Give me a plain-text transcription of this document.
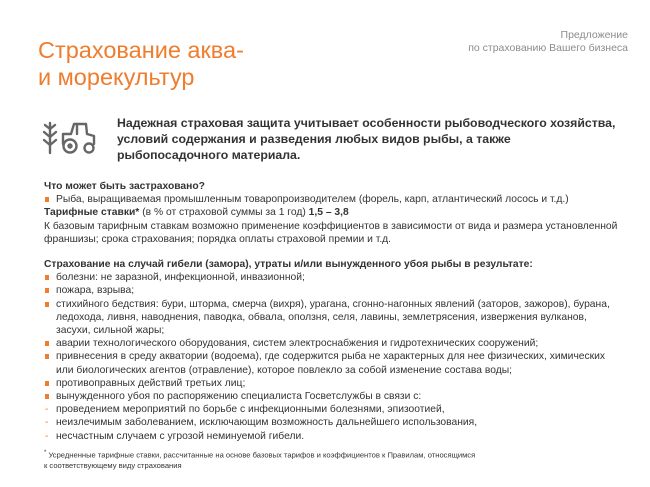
Страхование аква-
и морекультур
Предложение
по страхованию Вашего бизнеса
Надежная страховая защита учитывает особенности рыбоводческого хозяйства, условий содержания и разведения любых видов рыбы, а также рыбопосадочного материала.
Что может быть застраховано?
Рыба, выращиваемая промышленным товаропроизводителем (форель, карп, атлантический лосось и т.д.)
Тарифные ставки* (в % от страховой суммы за 1 год) 1,5 – 3,8
К базовым тарифным ставкам возможно применение коэффициентов в зависимости от вида и размера установленной франшизы; срока страхования; порядка оплаты страховой премии и т.д.
Страхование на случай гибели (замора), утраты и/или вынужденного убоя рыбы в результате:
болезни: не заразной, инфекционной, инвазионной;
пожара, взрыва;
стихийного бедствия: бури, шторма, смерча (вихря), урагана, сгонно-нагонных явлений (заторов, зажоров), бурана, ледохода, ливня, наводнения, паводка, обвала, оползня, селя, лавины, землетрясения, извержения вулканов, засухи, сильной жары;
аварии технологического оборудования, систем электроснабжения и гидротехнических сооружений;
привнесения в среду акватории (водоема), где содержится рыба не характерных для нее физических, химических или биологических агентов (отравление), которое повлекло за собой изменение состава воды;
противоправных действий третьих лиц;
вынужденного убоя по распоряжению специалиста Госветслужбы в связи с:
- проведением мероприятий по борьбе с инфекционными болезнями, эпизоотией,
- неизлечимым заболеванием, исключающим возможность дальнейшего использования,
- несчастным случаем с угрозой неминуемой гибели.
* Усредненные тарифные ставки, рассчитанные на основе базовых тарифов и коэффициентов к Правилам, относящимся
к соответствующему виду страхования
